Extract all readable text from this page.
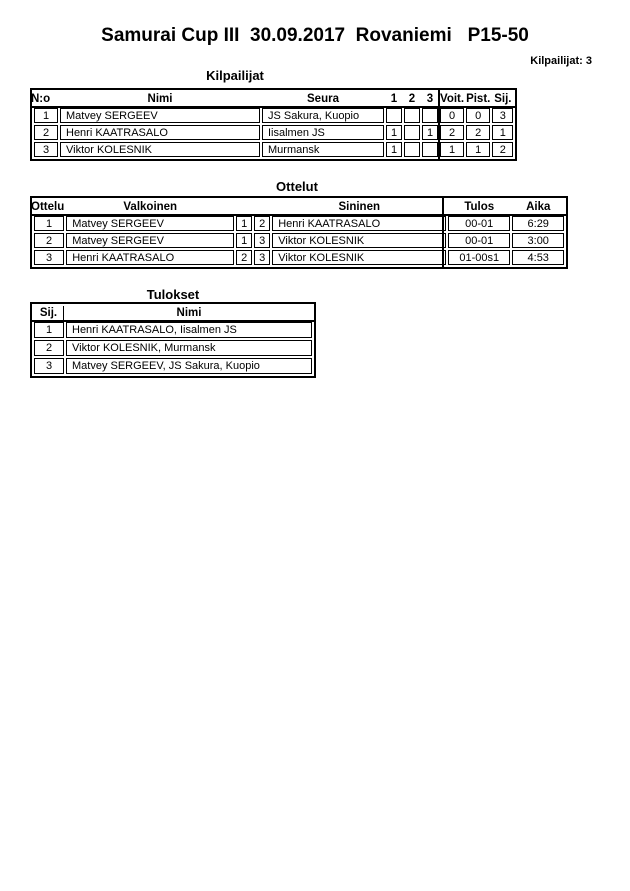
Samurai Cup III  30.09.2017  Rovaniemi   P15-50
Kilpailijat: 3
Kilpailijat
N:o	Nimi	Seura	1	2	3	Voit.	Pist.	Sij.
1	Matvey SERGEEV	JS Sakura, Kuopio				0	0	3
2	Henri KAATRASALO	Iisalmen JS	1		1	2	2	1
3	Viktor KOLESNIK	Murmansk	1			1	1	2
Ottelut
Ottelu	Valkoinen			Sininen	Tulos	Aika
1	Matvey SERGEEV	1	2	Henri KAATRASALO	00-01	6:29
2	Matvey SERGEEV	1	3	Viktor KOLESNIK	00-01	3:00
3	Henri KAATRASALO	2	3	Viktor KOLESNIK	01-00s1	4:53
Tulokset
Sij.	Nimi
1	Henri KAATRASALO, Iisalmen JS
2	Viktor KOLESNIK, Murmansk
3	Matvey SERGEEV, JS Sakura, Kuopio
